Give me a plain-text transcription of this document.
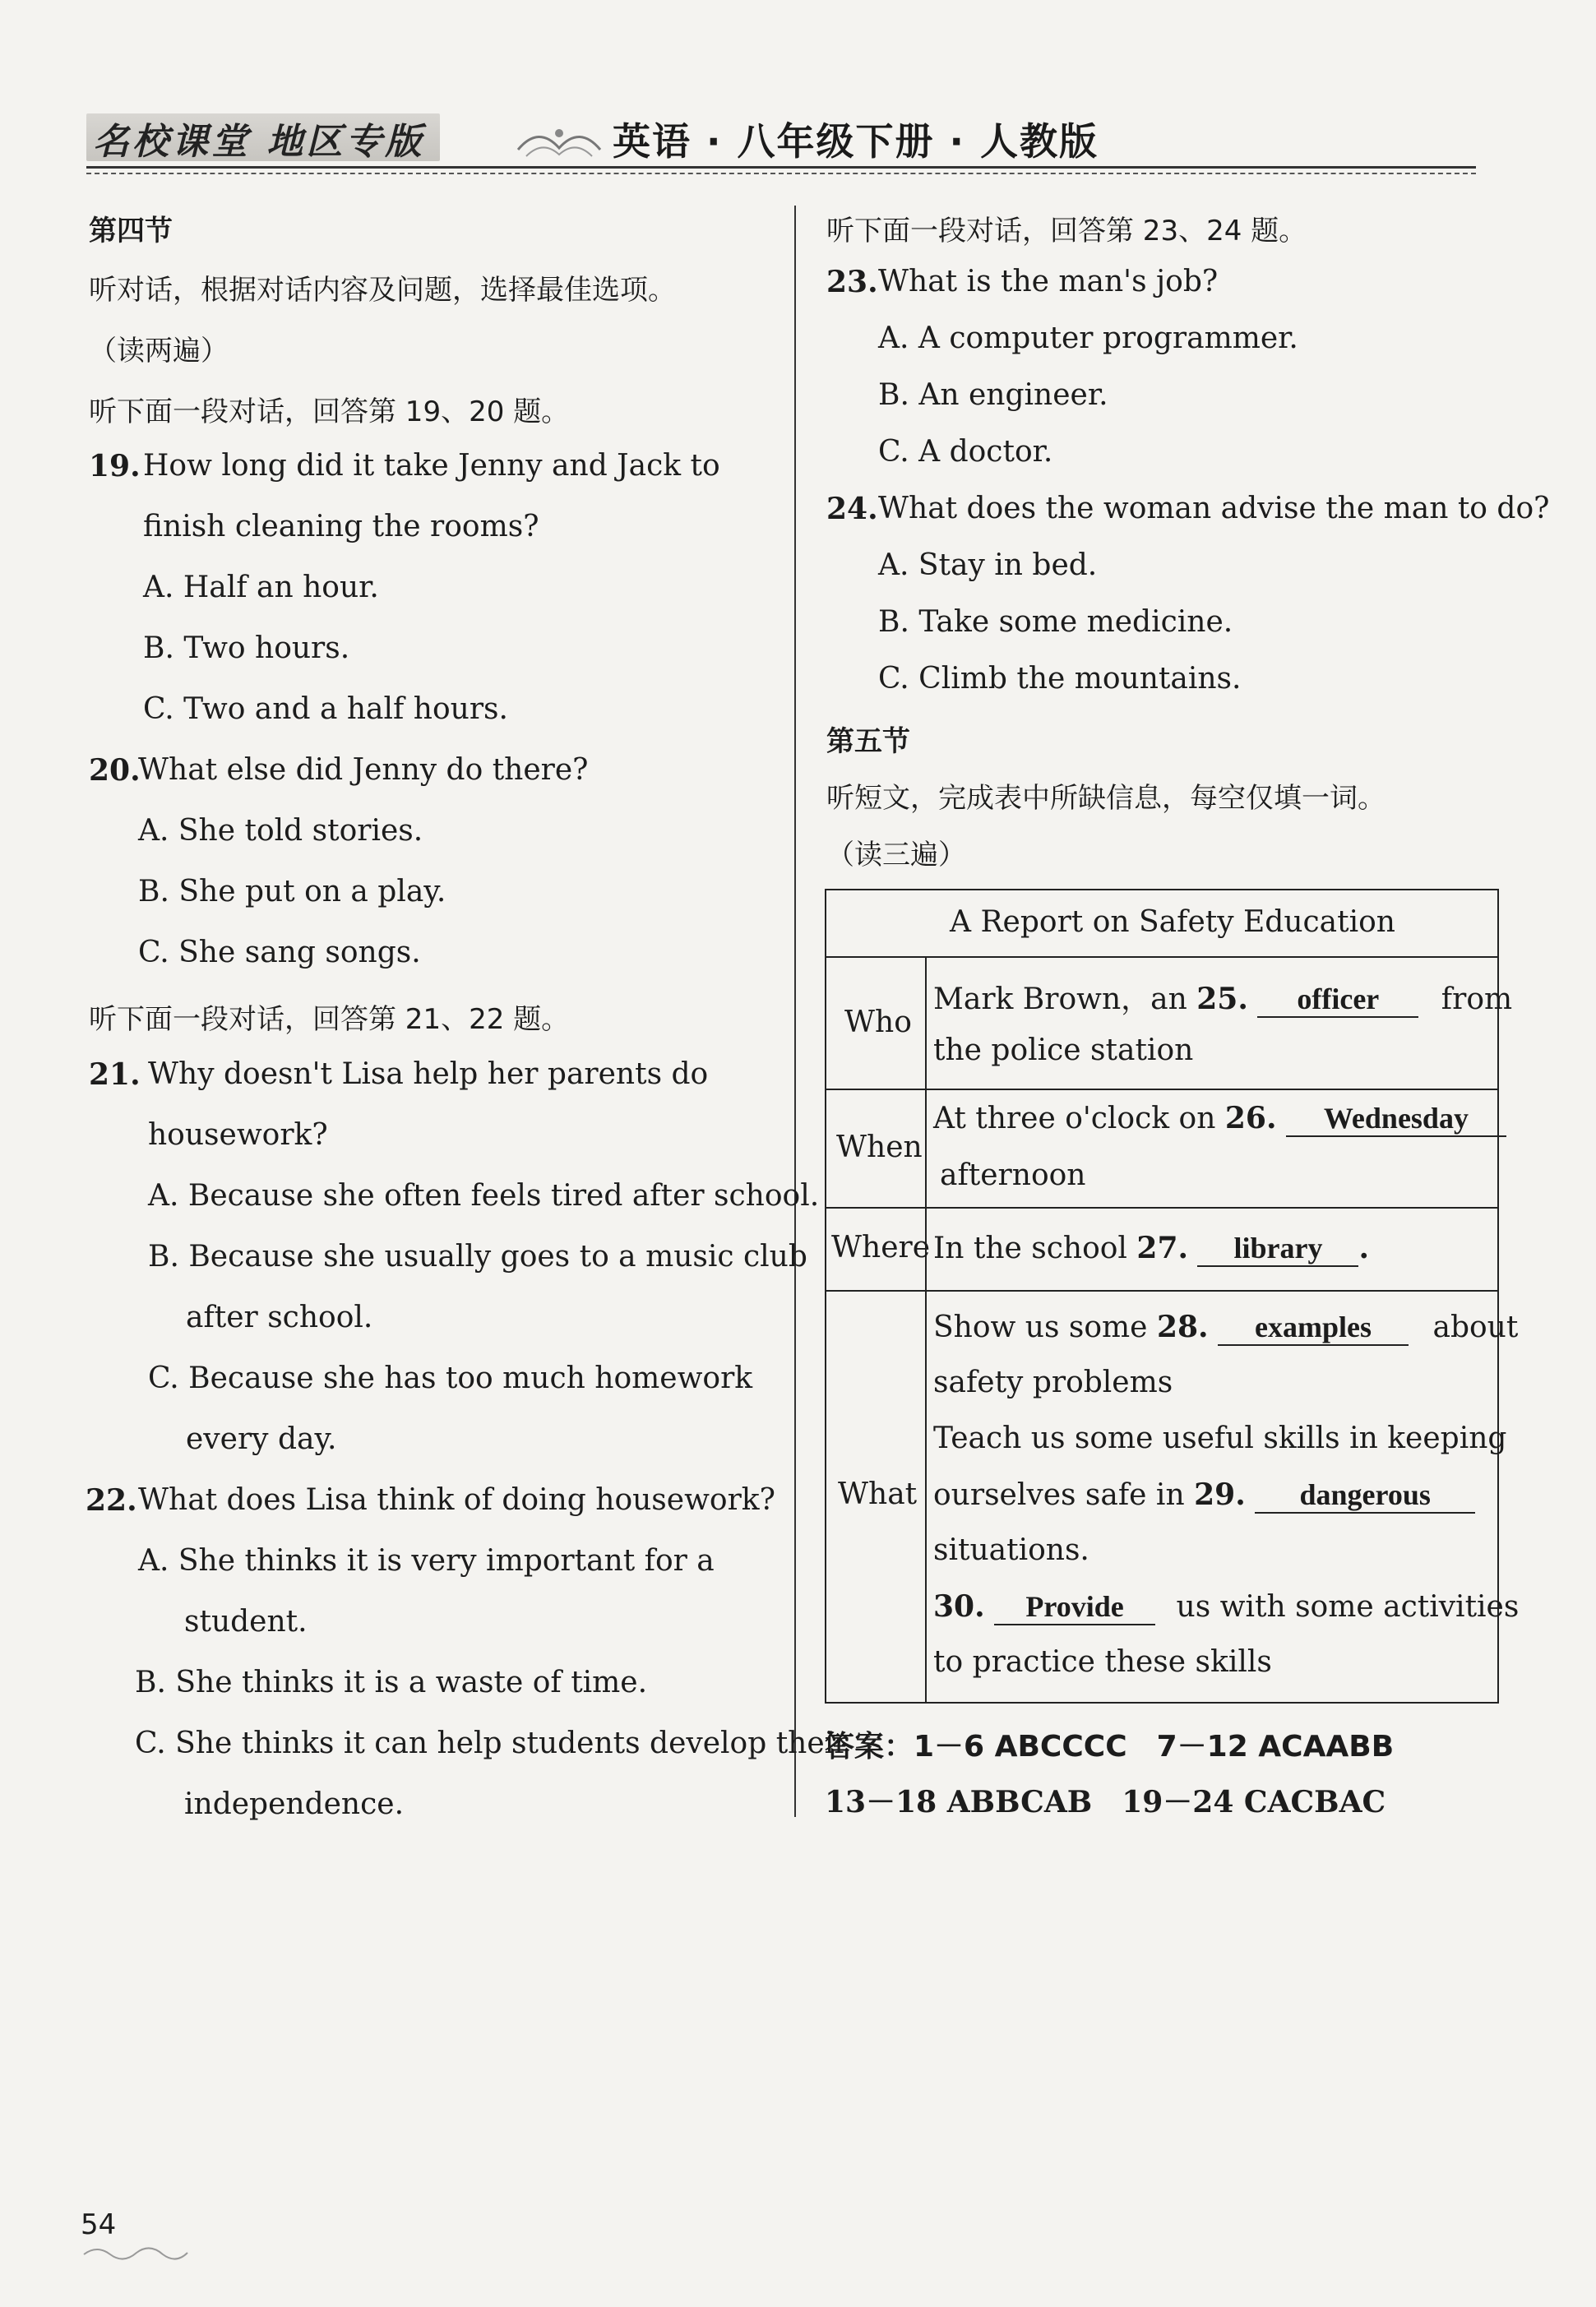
名校课堂 地区专版	英语 · 八年级下册 · 人教版
第四节
听对话，根据对话内容及问题，选择最佳选项。
（读两遍）
听下面一段对话，回答第 19、20 题。
19. How long did it take Jenny and Jack to
finish cleaning the rooms?
A. Half an hour.
B. Two hours.
C. Two and a half hours.
20.
What else did Jenny do there?
A. She told stories.
B. She put on a play.
C. She sang songs.
听下面一段对话，回答第 21、22 题。
21. Why doesn't Lisa help her parents do
housework?
A. Because she often feels tired after school.
B. Because she usually goes to a music club
after school.
C. Because she has too much homework
every day.
22. What does Lisa think of doing housework?
A. She thinks it is very important for a
student.
B. She thinks it is a waste of time.
C. She thinks it can help students develop their
independence.
听下面一段对话，回答第 23、24 题。
23. What is the man's job?
A. A computer programmer.
B. An engineer.
C. A doctor.
24. What does the woman advise the man to do?
A. Stay in bed.
B. Take some medicine.
C. Climb the mountains.
第五节
听短文，完成表中所缺信息，每空仅填一词。
（读三遍）
A Report on Safety Education
Who
Mark Brown，an 25. officer from
the police station
When
At three o'clock on 26. Wednesday
afternoon
Where In the school 27. library .
What
Show us some 28. examples about
safety problems
Teach us some useful skills in keeping
ourselves safe in 29. dangerous
situations.
30. Provide us with some activities
to practice these skills
答案：1－6 ABCCCC　7－12 ACAABB
13－18 ABBCAB　19－24 CACBAC
54
